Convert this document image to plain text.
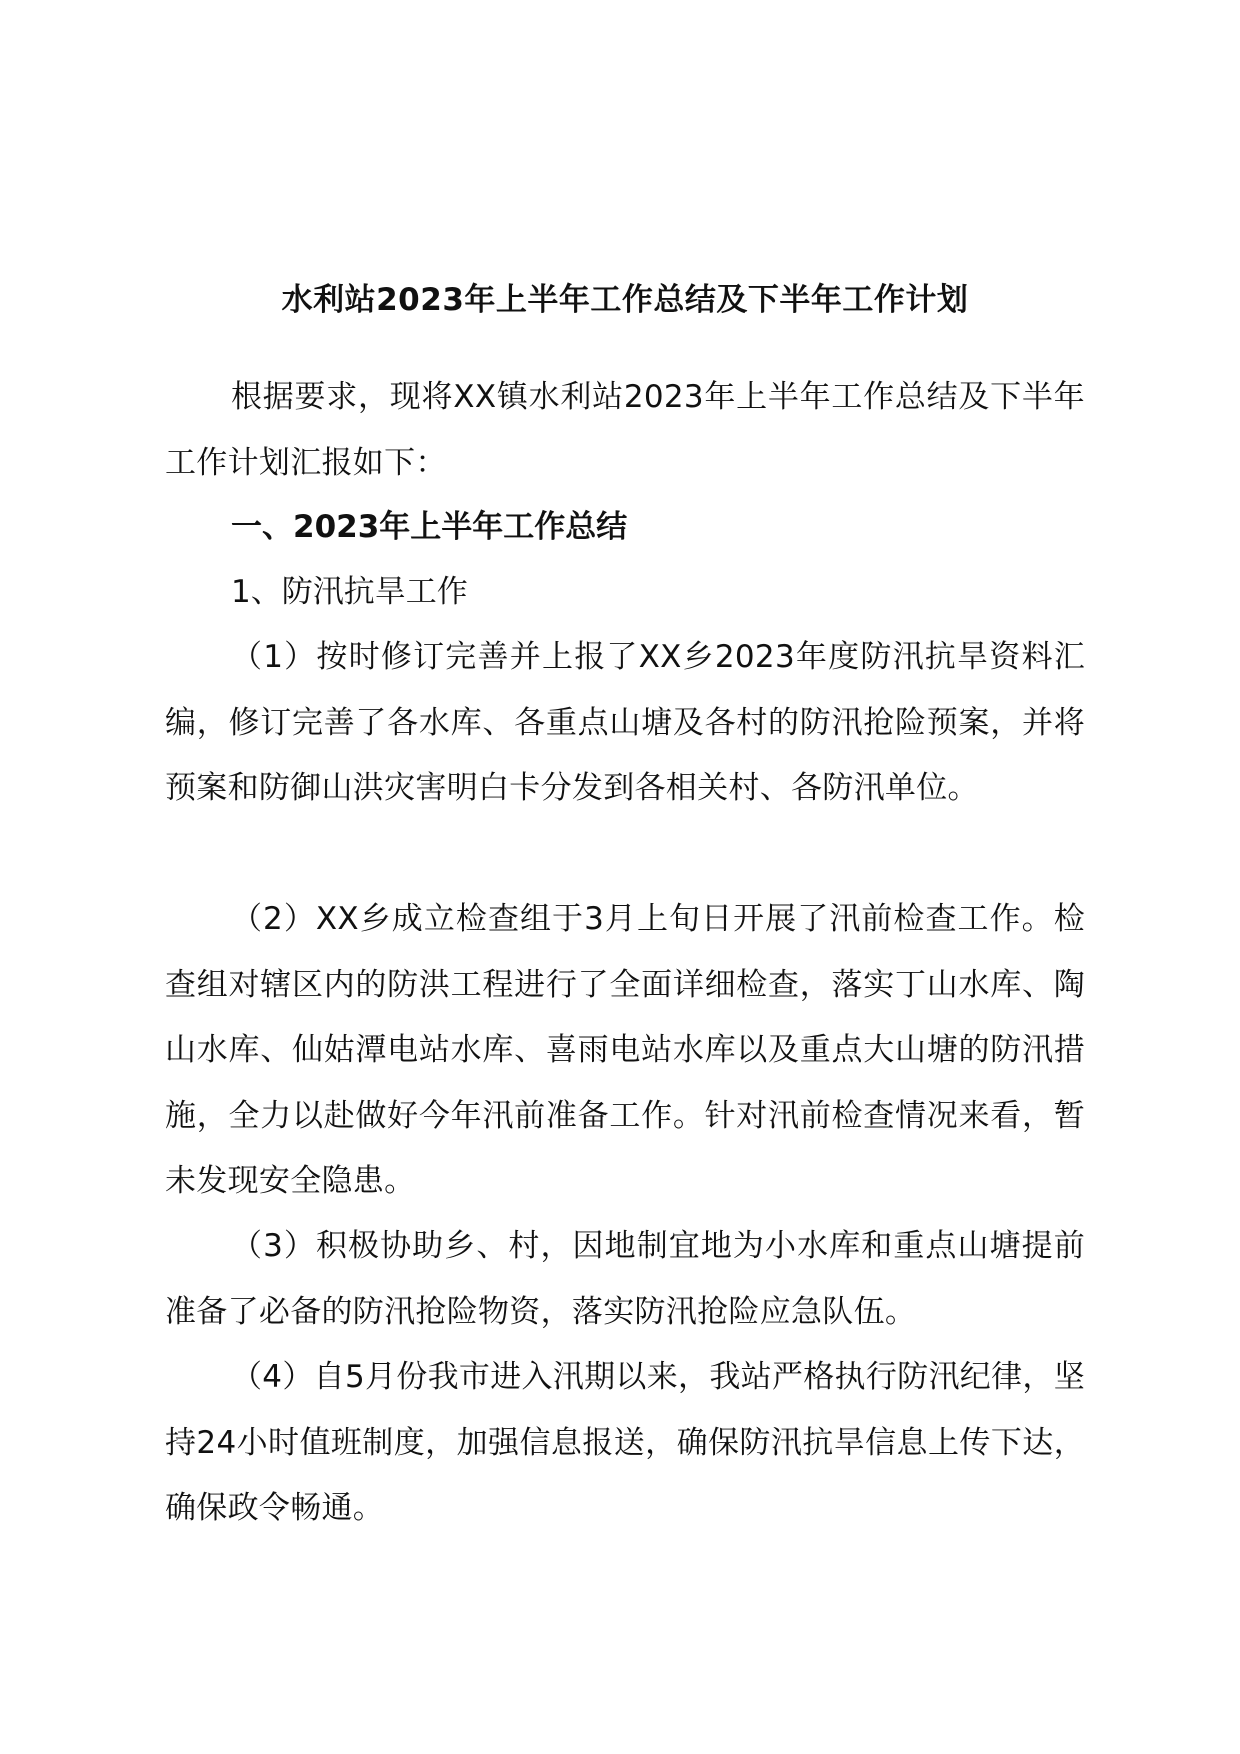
水利站2023年上半年工作总结及下半年工作计划
根据要求，现将XX镇水利站2023年上半年工作总结及下半年工作计划汇报如下：
一、2023年上半年工作总结
1、防汛抗旱工作
（1）按时修订完善并上报了XX乡2023年度防汛抗旱资料汇编，修订完善了各水库、各重点山塘及各村的防汛抢险预案，并将预案和防御山洪灾害明白卡分发到各相关村、各防汛单位。
（2）XX乡成立检查组于3月上旬日开展了汛前检查工作。检查组对辖区内的防洪工程进行了全面详细检查，落实丁山水库、陶山水库、仙姑潭电站水库、喜雨电站水库以及重点大山塘的防汛措施，全力以赴做好今年汛前准备工作。针对汛前检查情况来看，暂未发现安全隐患。
（3）积极协助乡、村，因地制宜地为小水库和重点山塘提前准备了必备的防汛抢险物资，落实防汛抢险应急队伍。
（4）自5月份我市进入汛期以来，我站严格执行防汛纪律，坚持24小时值班制度，加强信息报送，确保防汛抗旱信息上传下达，确保政令畅通。
